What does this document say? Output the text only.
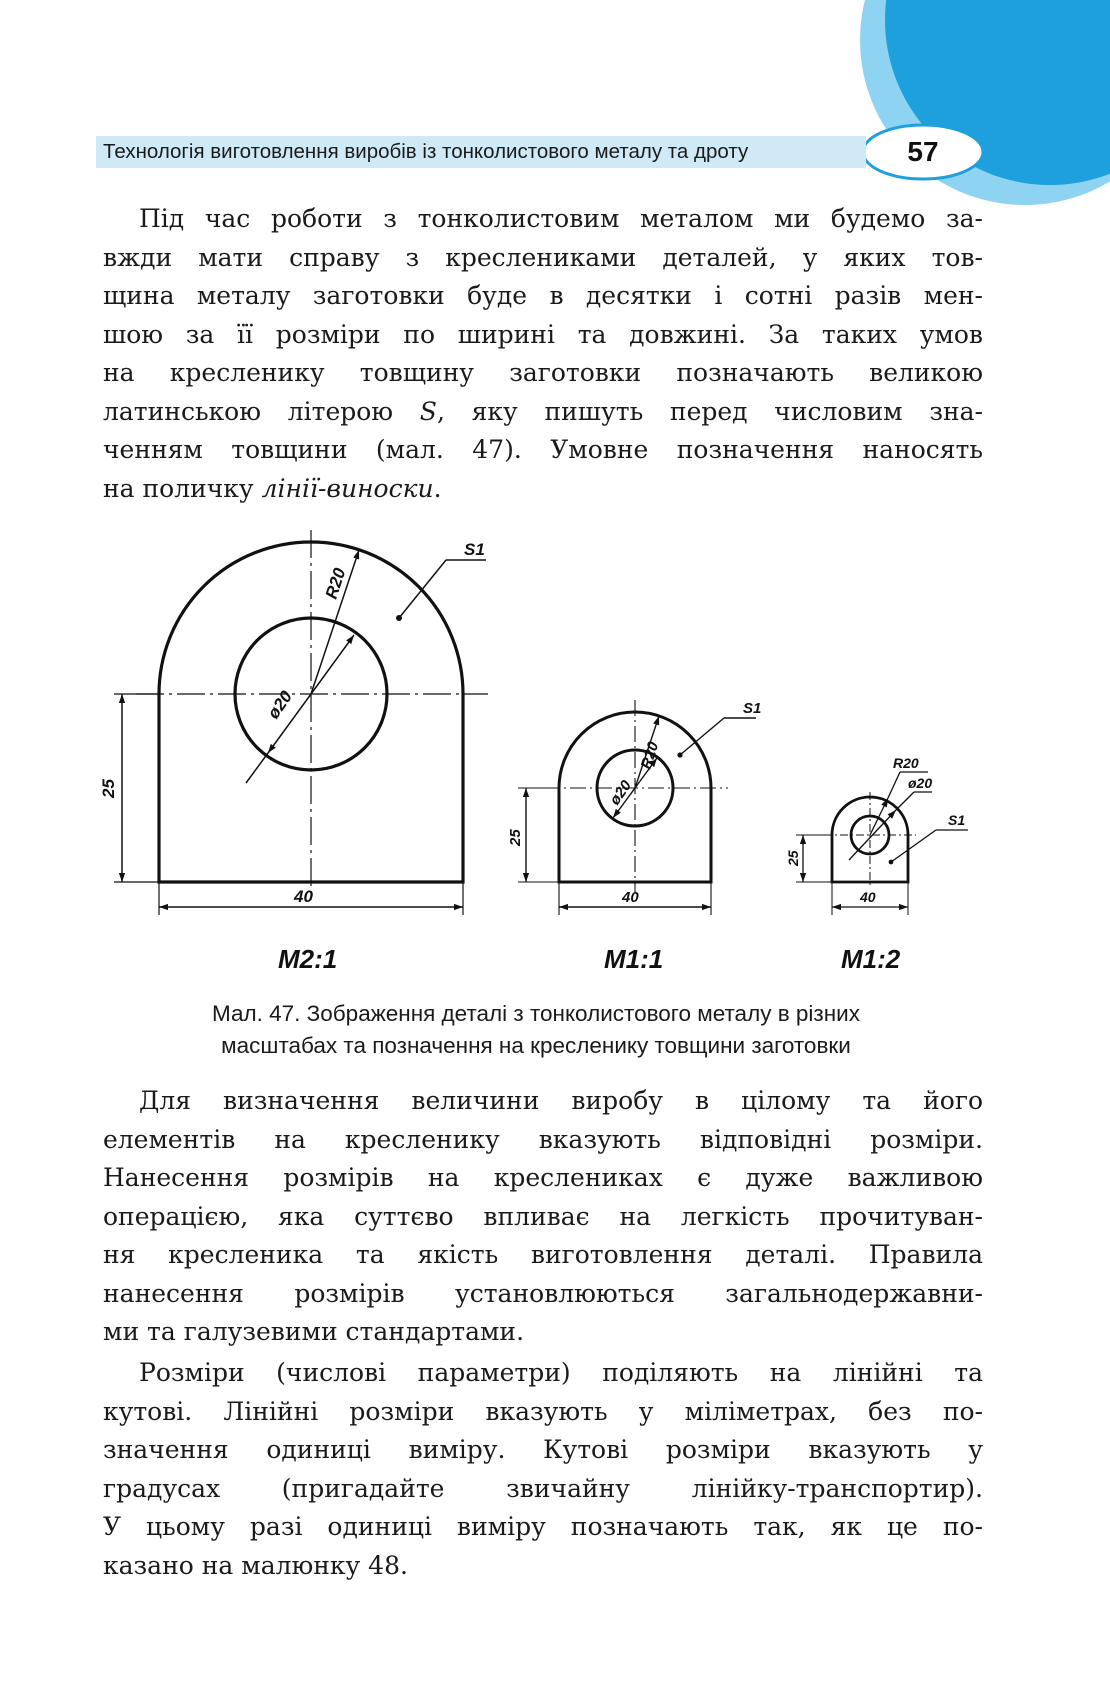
Технологія виготовлення виробів із тонколистового металу та дроту	57
Під час роботи з тонколистовим металом ми будемо за-
вжди мати справу з креслениками деталей, у яких тов-
щина металу заготовки буде в десятки і сотні разів мен-
шою за її розміри по ширині та довжині. За таких умов
на кресленику товщину заготовки позначають великою
латинською літерою S, яку пишуть перед числовим зна-
ченням товщини (мал. 47). Умовне позначення наносять
на поличку лінії-виноски.
R20
ø20
S1
25
40
M2:1
R20
ø20
S1
25
40
M1:1
R20
ø20
S1
25
40
M1:2
Мал. 47. Зображення деталі з тонколистового металу в різних
масштабах та позначення на кресленику товщини заготовки
Для визначення величини виробу в цілому та його
елементів на кресленику вказують відповідні розміри.
Нанесення розмірів на креслениках є дуже важливою
операцією, яка суттєво впливає на легкість прочитуван-
ня кресленика та якість виготовлення деталі. Правила
нанесення розмірів установлюються загальнодержавни-
ми та галузевими стандартами.
Розміри (числові параметри) поділяють на лінійні та
кутові. Лінійні розміри вказують у міліметрах, без по-
значення одиниці виміру. Кутові розміри вказують у
градусах (пригадайте звичайну лінійку-транспортир).
У цьому разі одиниці виміру позначають так, як це по-
казано на малюнку 48.
